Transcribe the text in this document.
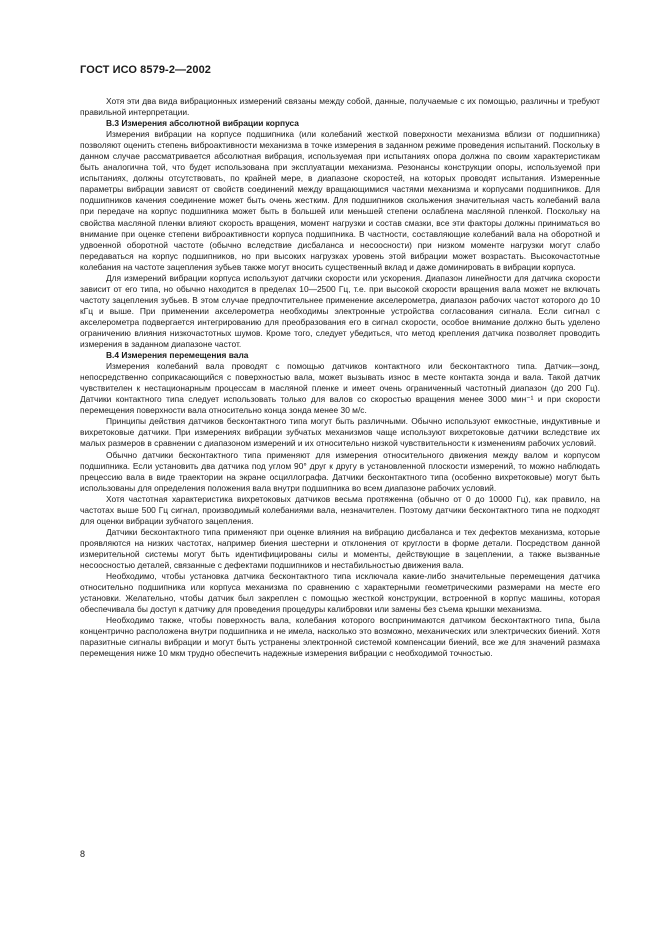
ГОСТ ИСО 8579-2—2002

Хотя эти два вида вибрационных измерений связаны между собой, данные, получаемые с их помощью, различны и требуют правильной интерпретации.

В.3 Измерения абсолютной вибрации корпуса

Измерения вибрации на корпусе подшипника (или колебаний жесткой поверхности механизма вблизи от подшипника) позволяют оценить степень виброактивности механизма в точке измерения в заданном режиме проведения испытаний. Поскольку в данном случае рассматривается абсолютная вибрация, используемая при испытаниях опора должна по своим характеристикам быть аналогична той, что будет использована при эксплуатации механизма. Резонансы конструкции опоры, используемой при испытаниях, должны отсутствовать, по крайней мере, в диапазоне скоростей, на которых проводят испытания. Измеренные параметры вибрации зависят от свойств соединений между вращающимися частями механизма и корпусами подшипников. Для подшипников качения соединение может быть очень жестким. Для подшипников скольжения значительная часть колебаний вала при передаче на корпус подшипника может быть в большей или меньшей степени ослаблена масляной пленкой. Поскольку на свойства масляной пленки влияют скорость вращения, момент нагрузки и состав смазки, все эти факторы должны приниматься во внимание при оценке степени виброактивности корпуса подшипника. В частности, составляющие колебаний вала на оборотной и удвоенной оборотной частоте (обычно вследствие дисбаланса и несоосности) при низком моменте нагрузки могут слабо передаваться на корпус подшипников, но при высоких нагрузках уровень этой вибрации может возрастать. Высокочастотные колебания на частоте зацепления зубьев также могут вносить существенный вклад и даже доминировать в вибрации корпуса.

Для измерений вибрации корпуса используют датчики скорости или ускорения. Диапазон линейности для датчика скорости зависит от его типа, но обычно находится в пределах 10—2500 Гц, т.е. при высокой скорости вращения вала может не включать частоту зацепления зубьев. В этом случае предпочтительнее применение акселерометра, диапазон рабочих частот которого до 10 кГц и выше. При применении акселерометра необходимы электронные устройства согласования сигнала. Если сигнал с акселерометра подвергается интегрированию для преобразования его в сигнал скорости, особое внимание должно быть уделено ограничению влияния низкочастотных шумов. Кроме того, следует убедиться, что метод крепления датчика позволяет проводить измерения в заданном диапазоне частот.

В.4 Измерения перемещения вала

Измерения колебаний вала проводят с помощью датчиков контактного или бесконтактного типа. Датчик—зонд, непосредственно соприкасающийся с поверхностью вала, может вызывать износ в месте контакта зонда и вала. Такой датчик чувствителен к нестационарным процессам в масляной пленке и имеет очень ограниченный частотный диапазон (до 200 Гц). Датчики контактного типа следует использовать только для валов со скоростью вращения менее 3000 мин⁻¹ и при скорости перемещения поверхности вала относительно конца зонда менее 30 м/с.

Принципы действия датчиков бесконтактного типа могут быть различными. Обычно используют емкостные, индуктивные и вихретоковые датчики. При измерениях вибрации зубчатых механизмов чаще используют вихретоковые датчики вследствие их малых размеров в сравнении с диапазоном измерений и их относительно низкой чувствительности к изменениям рабочих условий.

Обычно датчики бесконтактного типа применяют для измерения относительного движения между валом и корпусом подшипника. Если установить два датчика под углом 90° друг к другу в установленной плоскости измерений, то можно наблюдать прецессию вала в виде траектории на экране осциллографа. Датчики бесконтактного типа (особенно вихретоковые) могут быть использованы для определения положения вала внутри подшипника во всем диапазоне рабочих условий.

Хотя частотная характеристика вихретоковых датчиков весьма протяженна (обычно от 0 до 10000 Гц), как правило, на частотах выше 500 Гц сигнал, производимый колебаниями вала, незначителен. Поэтому датчики бесконтактного типа не подходят для оценки вибрации зубчатого зацепления.

Датчики бесконтактного типа применяют при оценке влияния на вибрацию дисбаланса и тех дефектов механизма, которые проявляются на низких частотах, например биения шестерни и отклонения от круглости в форме детали. Посредством данной измерительной системы могут быть идентифицированы силы и моменты, действующие в зацеплении, а также вызванные несоосностью деталей, связанные с дефектами подшипников и нестабильностью движения вала.

Необходимо, чтобы установка датчика бесконтактного типа исключала какие-либо значительные перемещения датчика относительно подшипника или корпуса механизма по сравнению с характерными геометрическими размерами на месте его установки. Желательно, чтобы датчик был закреплен с помощью жесткой конструкции, встроенной в корпус машины, которая обеспечивала бы доступ к датчику для проведения процедуры калибровки или замены без съема крышки механизма.

Необходимо также, чтобы поверхность вала, колебания которого воспринимаются датчиком бесконтактного типа, была концентрично расположена внутри подшипника и не имела, насколько это возможно, механических или электрических биений. Хотя паразитные сигналы вибрации и могут быть устранены электронной системой компенсации биений, все же для значений размаха перемещения ниже 10 мкм трудно обеспечить надежные измерения вибрации с необходимой точностью.

8
